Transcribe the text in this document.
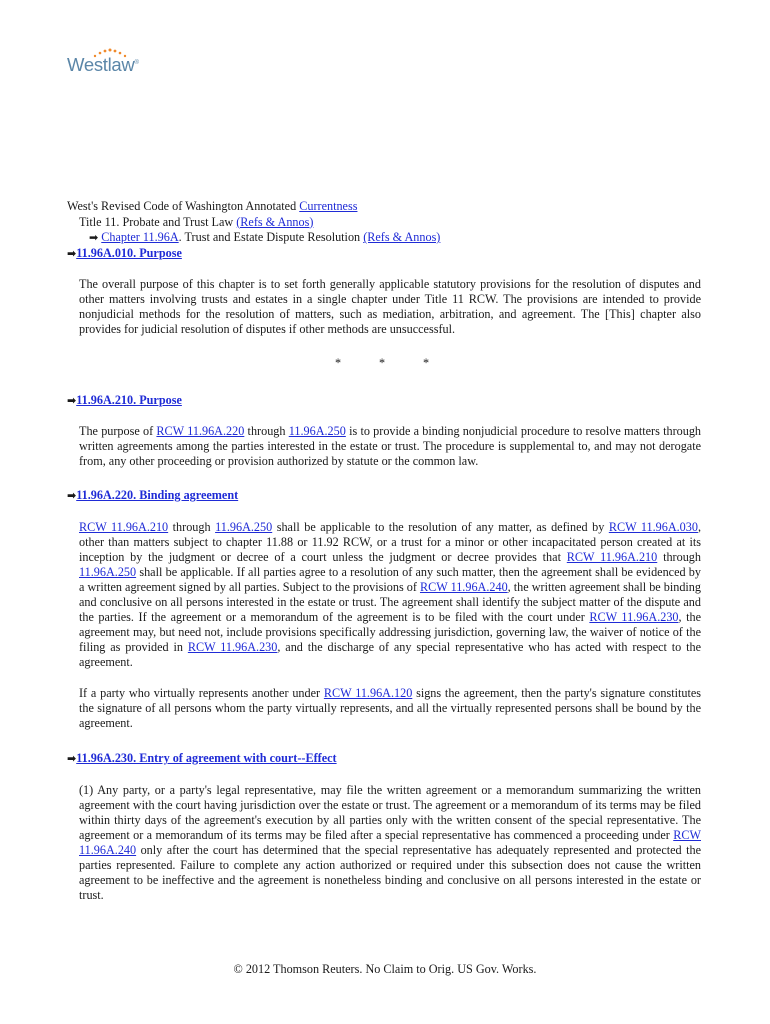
Westlaw®
West's Revised Code of Washington Annotated Currentness
Title 11. Probate and Trust Law (Refs & Annos)
➡ Chapter 11.96A. Trust and Estate Dispute Resolution (Refs & Annos)
➡11.96A.010. Purpose
The overall purpose of this chapter is to set forth generally applicable statutory provisions for the resolution of disputes and other matters involving trusts and estates in a single chapter under Title 11 RCW. The provisions are intended to provide nonjudicial methods for the resolution of matters, such as mediation, arbitration, and agreement. The [This] chapter also provides for judicial resolution of disputes if other methods are unsuccessful.
*	*	*
➡11.96A.210. Purpose
The purpose of RCW 11.96A.220 through 11.96A.250 is to provide a binding nonjudicial procedure to resolve matters through written agreements among the parties interested in the estate or trust. The procedure is supplemental to, and may not derogate from, any other proceeding or provision authorized by statute or the common law.
➡11.96A.220. Binding agreement
RCW 11.96A.210 through 11.96A.250 shall be applicable to the resolution of any matter, as defined by RCW 11.96A.030, other than matters subject to chapter 11.88 or 11.92 RCW, or a trust for a minor or other incapacitated person created at its inception by the judgment or decree of a court unless the judgment or decree provides that RCW 11.96A.210 through 11.96A.250 shall be applicable. If all parties agree to a resolution of any such matter, then the agreement shall be evidenced by a written agreement signed by all parties. Subject to the provisions of RCW 11.96A.240, the written agreement shall be binding and conclusive on all persons interested in the estate or trust. The agreement shall identify the subject matter of the dispute and the parties. If the agreement or a memorandum of the agreement is to be filed with the court under RCW 11.96A.230, the agreement may, but need not, include provisions specifically addressing jurisdiction, governing law, the waiver of notice of the filing as provided in RCW 11.96A.230, and the discharge of any special representative who has acted with respect to the agreement.
If a party who virtually represents another under RCW 11.96A.120 signs the agreement, then the party's signature constitutes the signature of all persons whom the party virtually represents, and all the virtually represented persons shall be bound by the agreement.
➡11.96A.230. Entry of agreement with court--Effect
(1) Any party, or a party's legal representative, may file the written agreement or a memorandum summarizing the written agreement with the court having jurisdiction over the estate or trust. The agreement or a memorandum of its terms may be filed within thirty days of the agreement's execution by all parties only with the written consent of the special representative. The agreement or a memorandum of its terms may be filed after a special representative has commenced a proceeding under RCW 11.96A.240 only after the court has determined that the special representative has adequately represented and protected the parties represented. Failure to complete any action authorized or required under this subsection does not cause the written agreement to be ineffective and the agreement is nonetheless binding and conclusive on all persons interested in the estate or trust.
© 2012 Thomson Reuters. No Claim to Orig. US Gov. Works.
